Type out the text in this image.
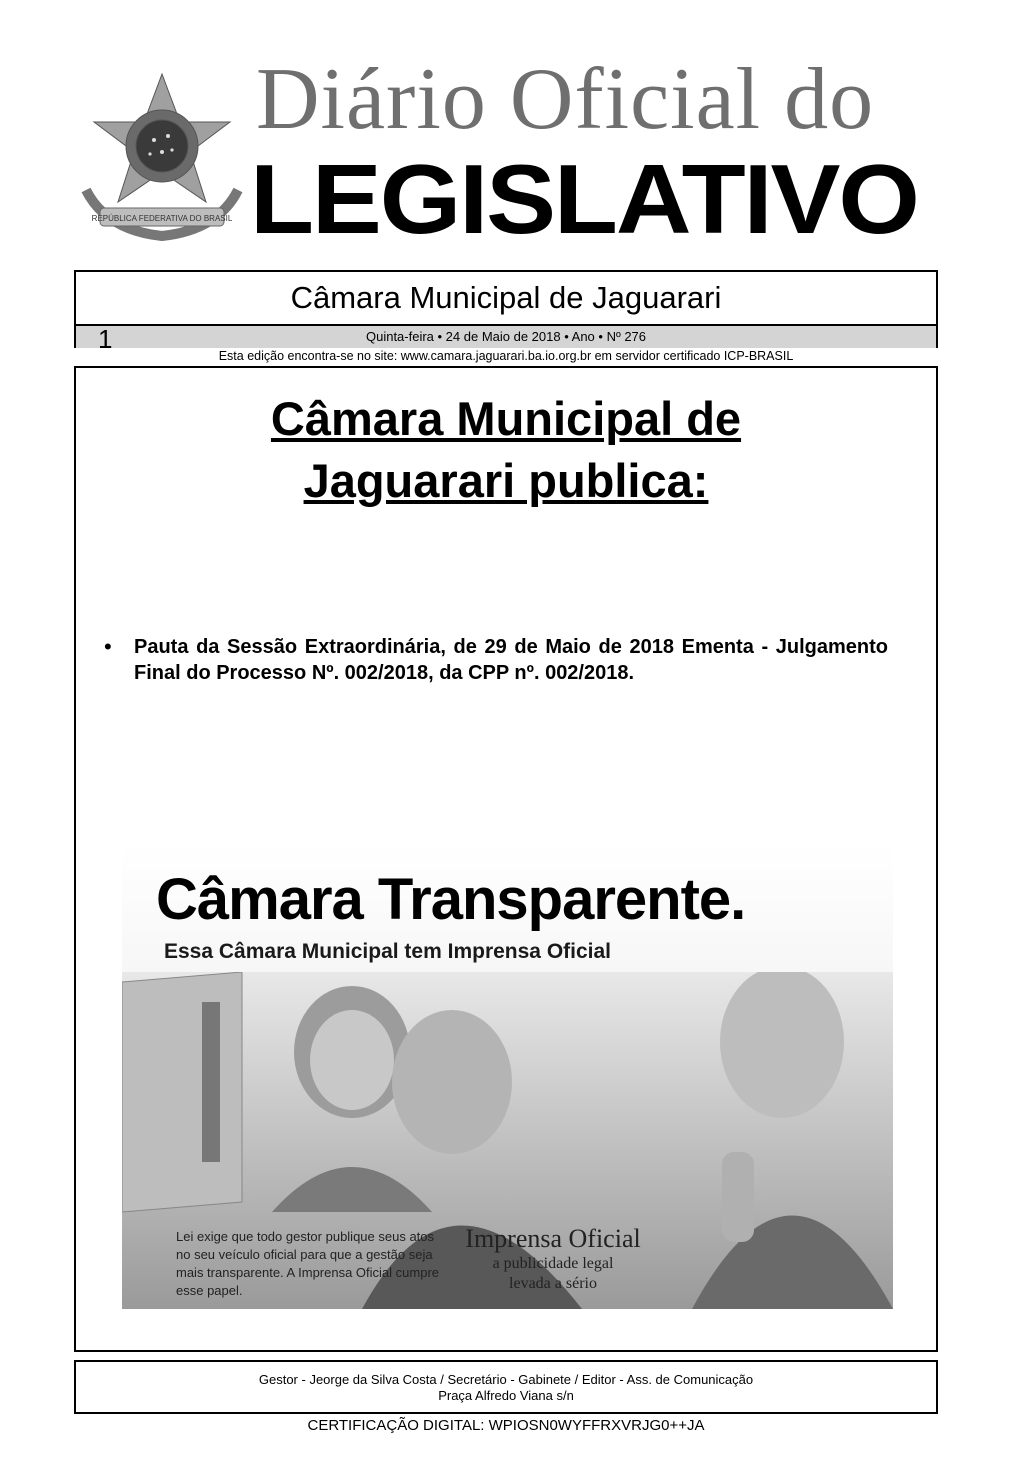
REPÚBLICA FEDERATIVA DO BRASIL
Diário Oficial do
LEGISLATIVO
Câmara Municipal de Jaguarari
1	Quinta-feira • 24 de Maio de 2018 • Ano • Nº 276
Esta edição encontra-se no site: www.camara.jaguarari.ba.io.org.br em servidor certificado ICP-BRASIL
Câmara Municipal de
Jaguarari publica:
•	Pauta da Sessão Extraordinária, de 29 de Maio de 2018 Ementa - Julgamento Final do Processo Nº. 002/2018, da CPP nº. 002/2018.
Câmara Transparente.
Essa Câmara Municipal tem Imprensa Oficial
Lei exige que todo gestor publique seus atos no seu veículo oficial para que a gestão seja mais transparente. A Imprensa Oficial cumpre esse papel.
Imprensa Oficial
a publicidade legal
levada a sério
Gestor - Jeorge da Silva Costa / Secretário - Gabinete / Editor - Ass. de Comunicação
Praça Alfredo Viana s/n
CERTIFICAÇÃO DIGITAL: WPIOSN0WYFFRXVRJG0++JA
